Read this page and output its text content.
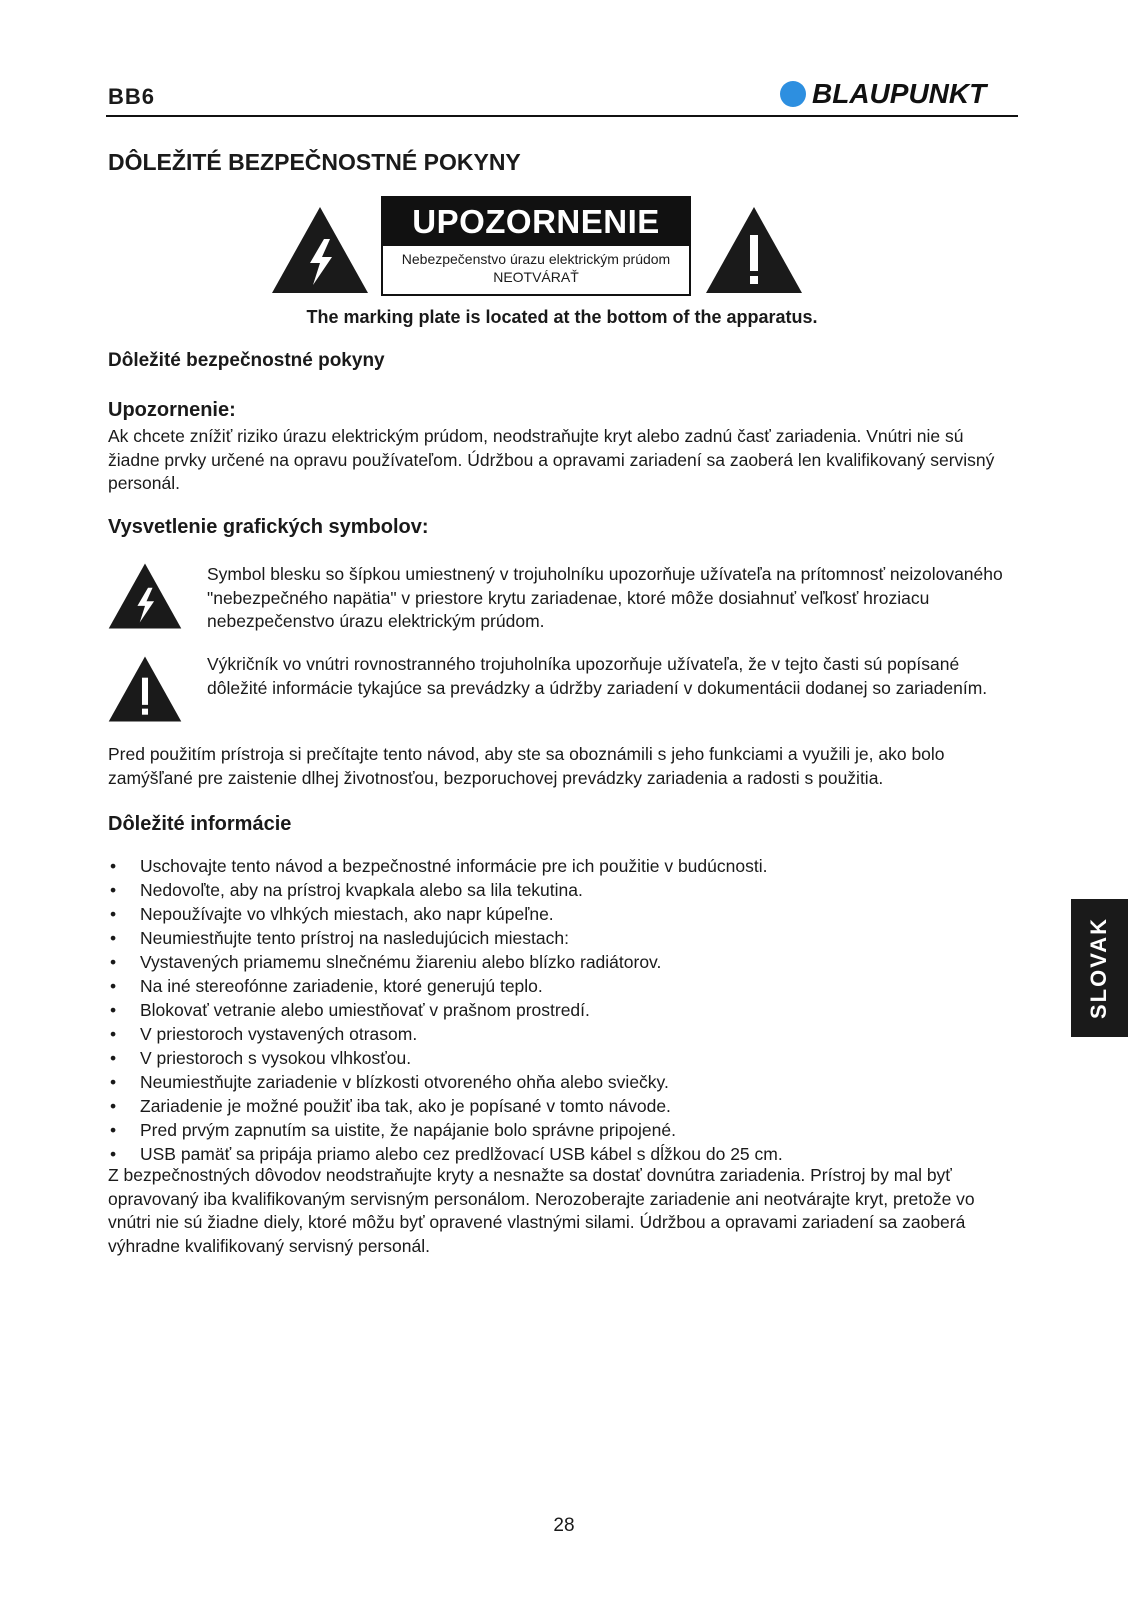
BB6	BLAUPUNKT
DÔLEŽITÉ BEZPEČNOSTNÉ POKYNY
UPOZORNENIE
Nebezpečenstvo úrazu elektrickým prúdom
NEOTVÁRAŤ
The marking plate is located at the bottom of the apparatus.
Dôležité bezpečnostné pokyny
Upozornenie:
Ak chcete znížiť riziko úrazu elektrickým prúdom, neodstraňujte kryt alebo zadnú časť zariadenia. Vnútri nie sú žiadne prvky určené na opravu používateľom. Údržbou a opravami zariadení sa zaoberá len kvalifikovaný servisný personál.
Vysvetlenie grafických symbolov:
Symbol blesku so šípkou umiestnený v trojuholníku upozorňuje užívateľa na prítomnosť neizolovaného "nebezpečného napätia" v priestore krytu zariadenae, ktoré môže dosiahnuť veľkosť hroziacu nebezpečenstvo úrazu elektrickým prúdom.
Výkričník vo vnútri rovnostranného trojuholníka upozorňuje užívateľa, že v tejto časti sú popísané dôležité informácie tykajúce sa prevádzky a údržby zariadení v dokumentácii dodanej so zariadením.
Pred použitím prístroja si prečítajte tento návod, aby ste sa oboznámili s jeho funkciami a využili je, ako bolo zamýšľané pre zaistenie dlhej životnosťou, bezporuchovej prevádzky zariadenia a radosti s použitia.
Dôležité informácie
• Uschovajte tento návod a bezpečnostné informácie pre ich použitie v budúcnosti.
• Nedovoľte, aby na prístroj kvapkala alebo sa lila tekutina.
• Nepoužívajte vo vlhkých miestach, ako napr kúpeľne.
• Neumiestňujte tento prístroj na nasledujúcich miestach:
• Vystavených priamemu slnečnému žiareniu alebo blízko radiátorov.
• Na iné stereofónne zariadenie, ktoré generujú teplo.
• Blokovať vetranie alebo umiestňovať v prašnom prostredí.
• V priestoroch vystavených otrasom.
• V priestoroch s vysokou vlhkosťou.
• Neumiestňujte zariadenie v blízkosti otvoreného ohňa alebo sviečky.
• Zariadenie je možné použiť iba tak, ako je popísané v tomto návode.
• Pred prvým zapnutím sa uistite, že napájanie bolo správne pripojené.
• USB pamäť sa pripája priamo alebo cez predlžovací USB kábel s dĺžkou do 25 cm.
Z bezpečnostných dôvodov neodstraňujte kryty a nesnažte sa dostať dovnútra zariadenia. Prístroj by mal byť opravovaný iba kvalifikovaným servisným personálom. Nerozoberajte zariadenie ani neotvárajte kryt, pretože vo vnútri nie sú žiadne diely, ktoré môžu byť opravené vlastnými silami. Údržbou a opravami zariadení sa zaoberá výhradne kvalifikovaný servisný personál.
SLOVAK
28
